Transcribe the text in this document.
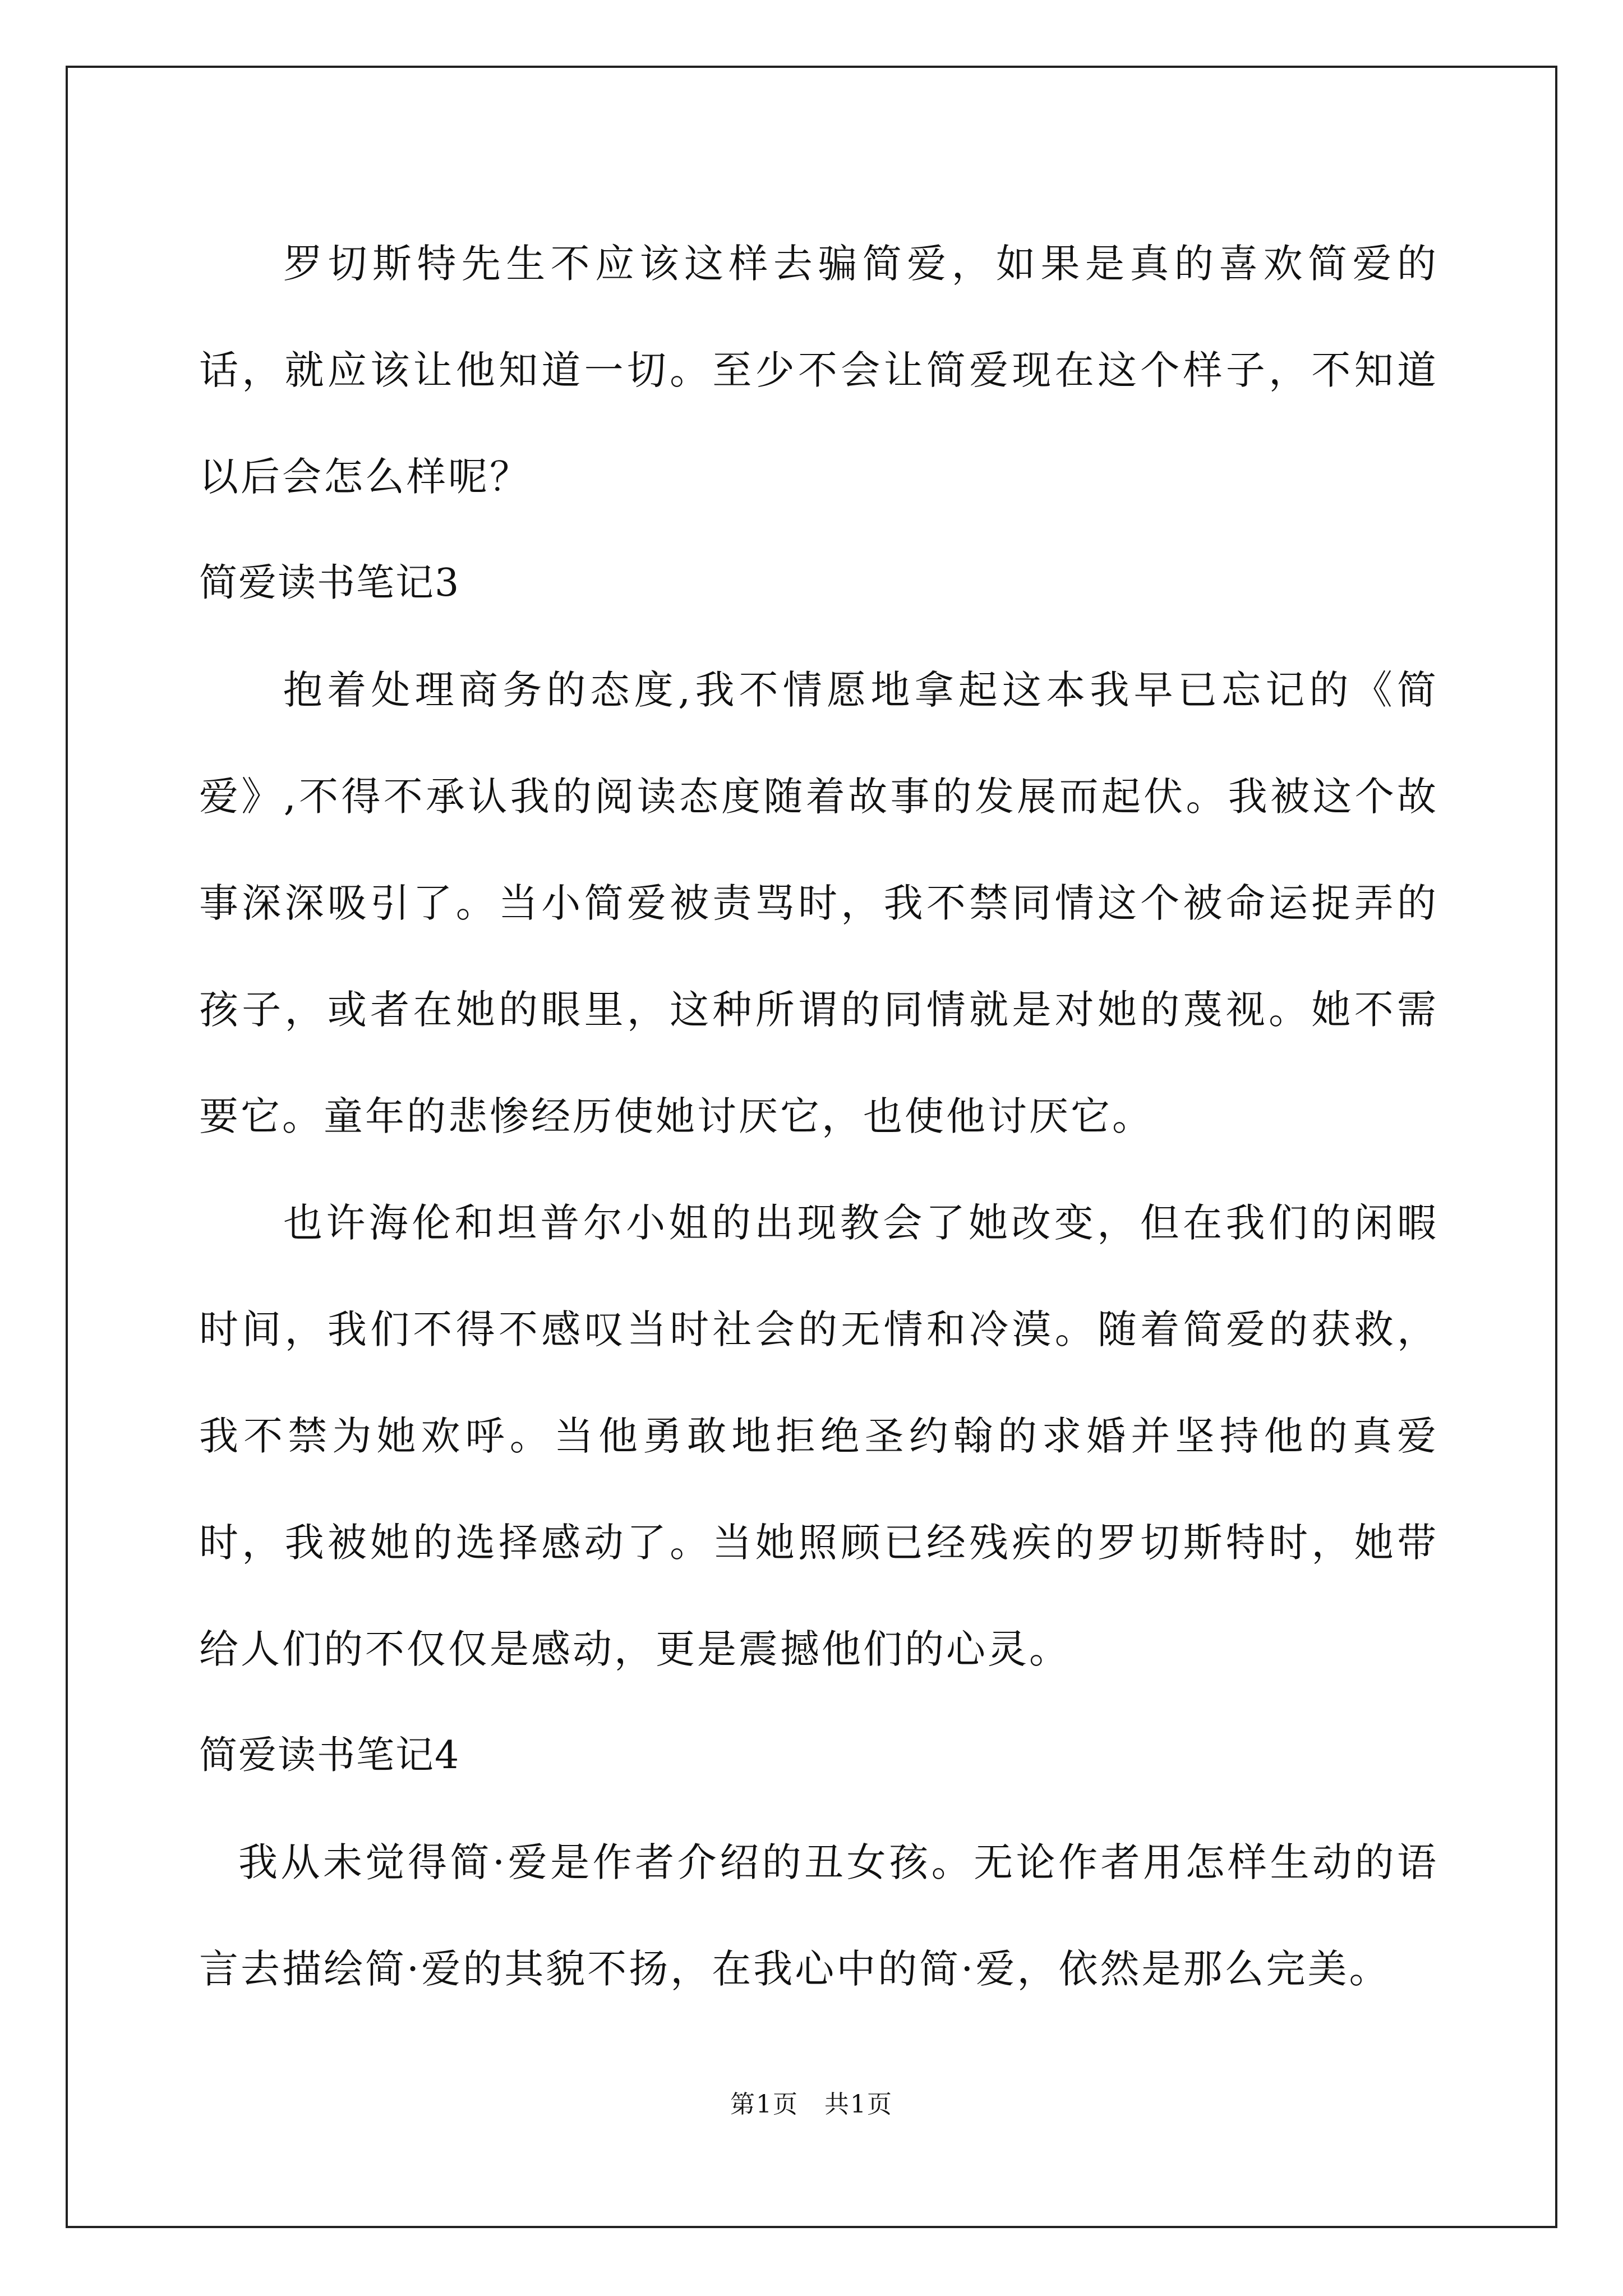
罗切斯特先生不应该这样去骗简爱，如果是真的喜欢简爱的话，就应该让他知道一切。至少不会让简爱现在这个样子，不知道以后会怎么样呢？

简爱读书笔记3

抱着处理商务的态度,我不情愿地拿起这本我早已忘记的《简爱》,不得不承认我的阅读态度随着故事的发展而起伏。我被这个故事深深吸引了。当小简爱被责骂时，我不禁同情这个被命运捉弄的孩子，或者在她的眼里，这种所谓的同情就是对她的蔑视。她不需要它。童年的悲惨经历使她讨厌它，也使他讨厌它。

也许海伦和坦普尔小姐的出现教会了她改变，但在我们的闲暇时间，我们不得不感叹当时社会的无情和冷漠。随着简爱的获救，我不禁为她欢呼。当他勇敢地拒绝圣约翰的求婚并坚持他的真爱时，我被她的选择感动了。当她照顾已经残疾的罗切斯特时，她带给人们的不仅仅是感动，更是震撼他们的心灵。

简爱读书笔记4

我从未觉得简·爱是作者介绍的丑女孩。无论作者用怎样生动的语言去描绘简·爱的其貌不扬，在我心中的简·爱，依然是那么完美。

第1页　共1页
